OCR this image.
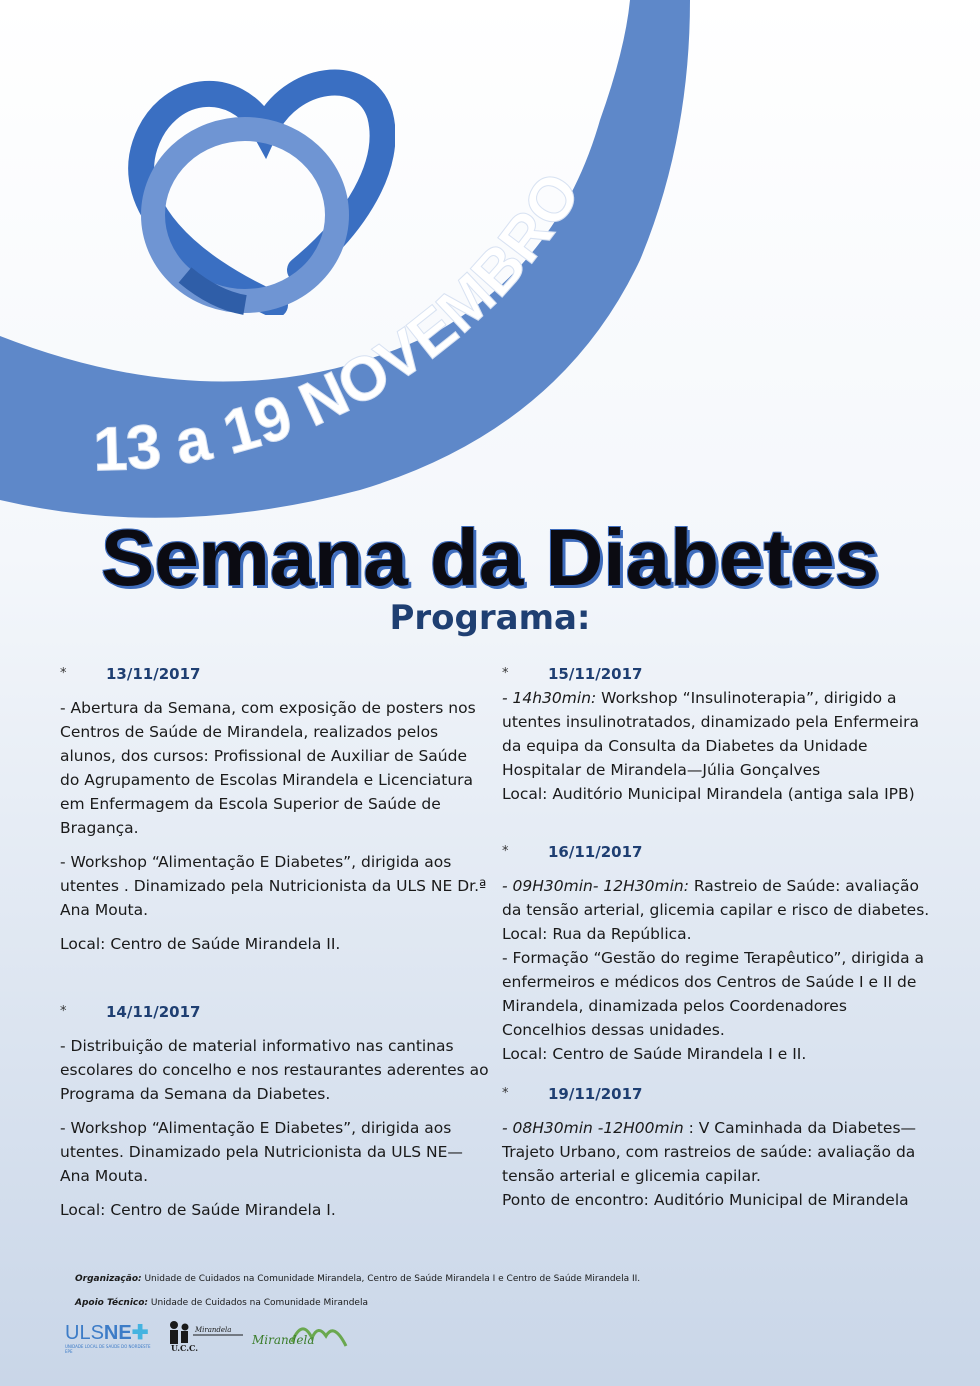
13 a 19 NOVEMBRO
Semana da Diabetes
Programa:
*	13/11/2017

- Abertura da Semana, com exposição de posters nos Centros de Saúde de Mirandela, realizados pelos alunos, dos cursos: Profissional de Auxiliar de Saúde do Agrupamento de Escolas Mirandela e Licenciatura em Enfermagem da Escola Superior de Saúde de Bragança.

- Workshop “Alimentação E Diabetes”, dirigida aos utentes . Dinamizado pela Nutricionista da ULS NE Dr.ª Ana Mouta.

Local: Centro de Saúde Mirandela II.

*	14/11/2017

- Distribuição de material informativo nas cantinas escolares do concelho e nos restaurantes aderentes ao Programa da Semana da Diabetes.

- Workshop “Alimentação E Diabetes”, dirigida aos utentes. Dinamizado pela Nutricionista da ULS NE—Ana Mouta.

Local: Centro de Saúde Mirandela I.

*	15/11/2017

- 14h30min: Workshop “Insulinoterapia”, dirigido a utentes insulinotratados, dinamizado pela Enfermeira da equipa da Consulta da Diabetes da Unidade Hospitalar de Mirandela—Júlia Gonçalves

Local: Auditório Municipal Mirandela (antiga sala IPB)

*	16/11/2017

- 09H30min- 12H30min: Rastreio de Saúde: avaliação da tensão arterial, glicemia capilar e risco de diabetes.

Local: Rua da República.

- Formação “Gestão do regime Terapêutico”, dirigida a enfermeiros e médicos dos Centros de Saúde I e II de Mirandela, dinamizada pelos Coordenadores Concelhios dessas unidades.

Local: Centro de Saúde Mirandela I e II.

*	19/11/2017

- 08H30min -12H00min : V Caminhada da Diabetes—Trajeto Urbano, com rastreios de saúde: avaliação da tensão arterial e glicemia capilar.

Ponto de encontro: Auditório Municipal de Mirandela

Organização: Unidade de Cuidados na Comunidade Mirandela, Centro de Saúde Mirandela I e Centro de Saúde Mirandela II.
Apoio Técnico: Unidade de Cuidados na Comunidade Mirandela
ULSNE✚
UNIDADE LOCAL DE SAÚDE DO NORDESTE EPE	U.C.C.
Mirandela
Mirandela
